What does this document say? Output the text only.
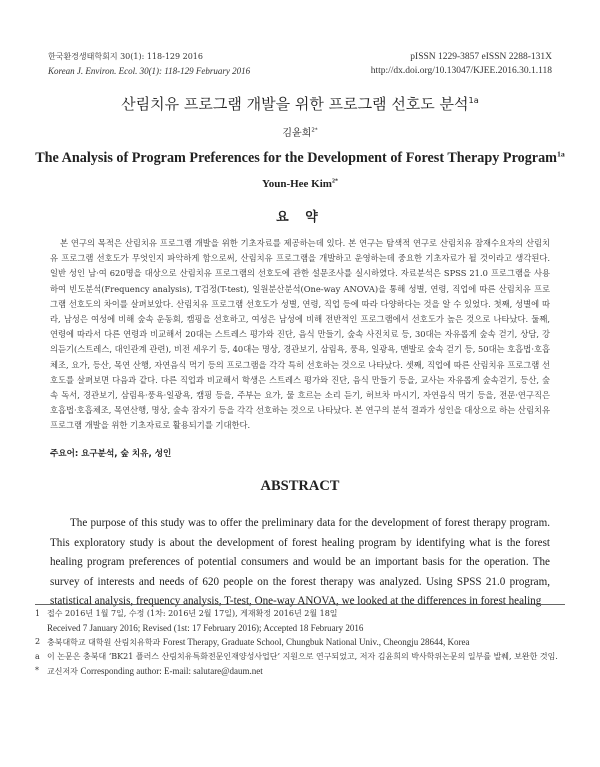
한국환경생태학회지 30(1): 118-129 2016
Korean J. Environ. Ecol. 30(1): 118-129 February 2016
pISSN 1229-3857 eISSN 2288-131X
http://dx.doi.org/10.13047/KJEE.2016.30.1.118
산림치유 프로그램 개발을 위한 프로그램 선호도 분석$^{1a}$
김윤희$^{2*}$
The Analysis of Program Preferences for the Development of Forest Therapy Program$^{1a}$
Youn-Hee Kim$^{2*}$
요 약
본 연구의 목적은 산림치유 프로그램 개발을 위한 기초자료를 제공하는데 있다. 본 연구는 탐색적 연구로 산림치유 잠재수요자의 산림치유 프로그램 선호도가 무엇인지 파악하게 함으로써, 산림치유 프로그램을 개발하고 운영하는데 중요한 기초자료가 될 것이라고 생각된다. 일반 성인 남·여 620명을 대상으로 산림치유 프로그램의 선호도에 관한 설문조사를 실시하였다. 자료분석은 SPSS 21.0 프로그램을 사용하여 빈도분석(Frequency analysis), T검정(T-test), 일원분산분석(One-way ANOVA)을 통해 성별, 연령, 직업에 따른 산림치유 프로그램 선호도의 차이를 살펴보았다. 산림치유 프로그램 선호도가 성별, 연령, 직업 등에 따라 다양하다는 것을 알 수 있었다. 첫째, 성별에 따라, 남성은 여성에 비해 숲속 운동회, 캠핑을 선호하고, 여성은 남성에 비해 전반적인 프로그램에서 선호도가 높은 것으로 나타났다. 둘째, 연령에 따라서 다른 연령과 비교해서 20대는 스트레스 평가와 진단, 음식 만들기, 숲속 사진치료 등, 30대는 자유롭게 숲속 걷기, 상담, 강의듣기(스트레스, 대인관계 관련), 비전 세우기 등, 40대는 명상, 경관보기, 삼림욕, 풍욕, 일광욕, 맨발로 숲속 걷기 등, 50대는 호흡법·호흡체조, 요가, 등산, 목연 산행, 자연음식 먹기 등의 프로그램을 각각 특히 선호하는 것으로 나타났다. 셋째, 직업에 따른 산림치유 프로그램 선호도를 살펴보면 다음과 같다. 다른 직업과 비교해서 학생은 스트레스 평가와 진단, 음식 만들기 등을, 교사는 자유롭게 숲속걷기, 등산, 숲속 독서, 경관보기, 삼림욕·풍욕·일광욕, 캠핑 등을, 주부는 요가, 물 흐르는 소리 듣기, 허브차 마시기, 자연음식 먹기 등을, 전문·연구직은 호흡법·호흡체조, 목연산행, 명상, 숲속 잠자기 등을 각각 선호하는 것으로 나타났다. 본 연구의 분석 결과가 성인을 대상으로 하는 산림치유 프로그램 개발을 위한 기초자료로 활용되기를 기대한다.
주요어: 요구분석, 숲 치유, 성인
ABSTRACT
The purpose of this study was to offer the preliminary data for the development of forest therapy program. This exploratory study is about the development of forest healing program by identifying what is the forest healing program preferences of potential consumers and would be an important basis for the operation. The survey of interests and needs of 620 people on the forest therapy was analyzed. Using SPSS 21.0 program, statistical analysis, frequency analysis, T-test, One-way ANOVA, we looked at the differences in forest healing
1 접수 2016년 1월 7일, 수정 (1차: 2016년 2월 17일), 게재확정 2016년 2월 18일
Received 7 January 2016; Revised (1st: 17 February 2016); Accepted 18 February 2016
2 충북대학교 대학원 산림치유학과 Forest Therapy, Graduate School, Chungbuk National Univ., Cheongju 28644, Korea
a 이 논문은 충북대 ‘BK21 플러스 산림치유특화전문인재양성사업단’ 지원으로 연구되었고, 저자 김윤희의 박사학위논문의 일부를 발췌, 보완한 것임.
* 교신저자 Corresponding author: E-mail: salutare@daum.net
